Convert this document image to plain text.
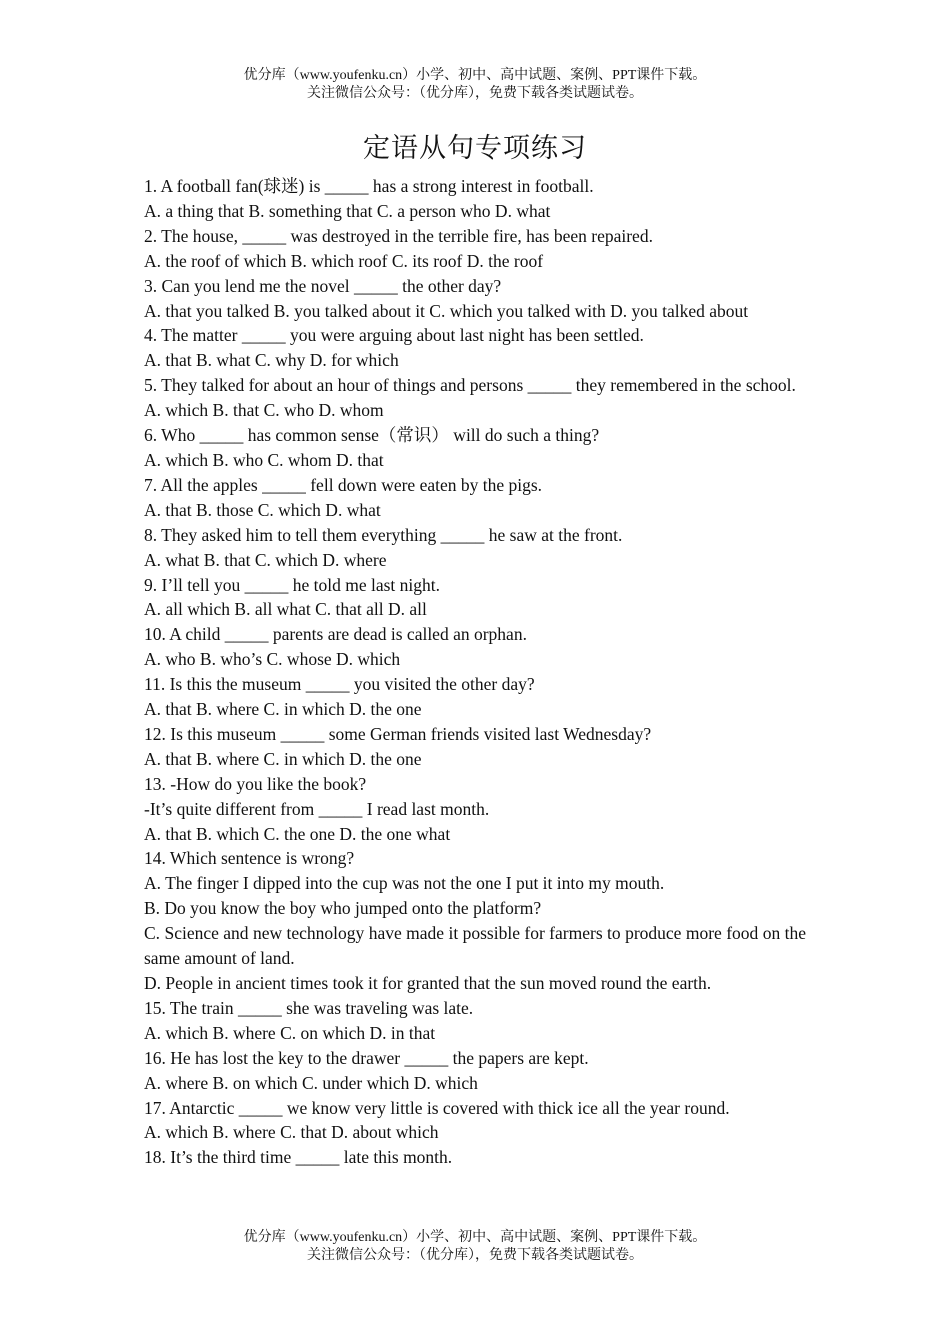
优分库（www.youfenku.cn）小学、初中、高中试题、案例、PPT课件下载。
关注微信公众号：（优分库），免费下载各类试题试卷。
定语从句专项练习

1. A football fan(球迷) is _____ has a strong interest in football.

A. a thing that B. something that C. a person who D. what

2. The house, _____ was destroyed in the terrible fire, has been repaired.

A. the roof of which B. which roof C. its roof D. the roof

3. Can you lend me the novel _____ the other day?

A. that you talked B. you talked about it C. which you talked with D. you talked about

4. The matter _____ you were arguing about last night has been settled.

A. that B. what C. why D. for which

5. They talked for about an hour of things and persons _____ they remembered in the school.

A. which B. that C. who D. whom

6. Who _____ has common sense（常识） will do such a thing?

A. which B. who C. whom D. that

7. All the apples _____ fell down were eaten by the pigs.

A. that B. those C. which D. what

8. They asked him to tell them everything _____ he saw at the front.

A. what B. that C. which D. where

9. I’ll tell you _____ he told me last night.

A. all which B. all what C. that all D. all

10. A child _____ parents are dead is called an orphan.

A. who B. who’s C. whose D. which

11. Is this the museum _____ you visited the other day?

A. that B. where C. in which D. the one

12. Is this museum _____ some German friends visited last Wednesday?

A. that B. where C. in which D. the one

13. -How do you like the book?

-It’s quite different from _____ I read last month.

A. that B. which C. the one D. the one what

14. Which sentence is wrong?

A. The finger I dipped into the cup was not the one I put it into my mouth.

B. Do you know the boy who jumped onto the platform?

C. Science and new technology have made it possible for farmers to produce more food on the same amount of land.

D. People in ancient times took it for granted that the sun moved round the earth.

15. The train _____ she was traveling was late.

A. which B. where C. on which D. in that

16. He has lost the key to the drawer _____ the papers are kept.

A. where B. on which C. under which D. which

17. Antarctic _____ we know very little is covered with thick ice all the year round.

A. which B. where C. that D. about which

18. It’s the third time _____ late this month.

优分库（www.youfenku.cn）小学、初中、高中试题、案例、PPT课件下载。
关注微信公众号：（优分库），免费下载各类试题试卷。
